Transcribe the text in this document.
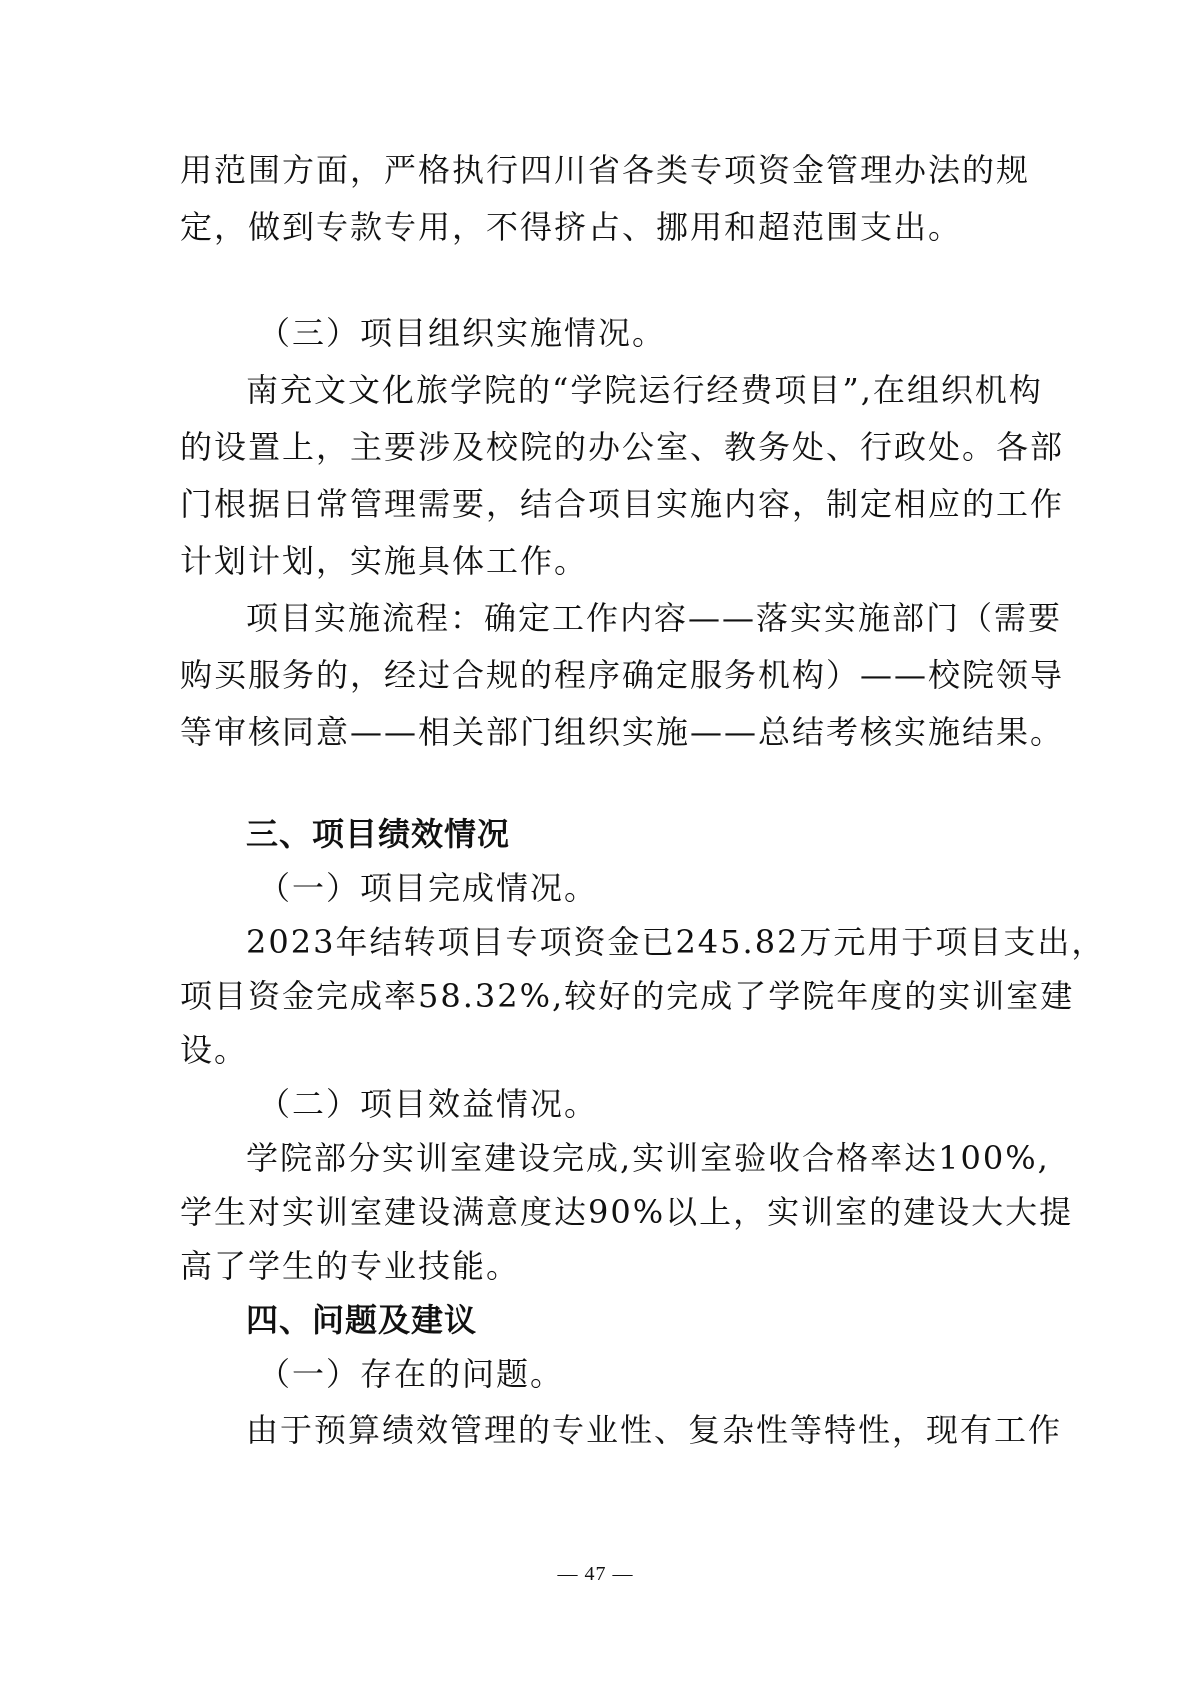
用范围方面，严格执行四川省各类专项资金管理办法的规
定，做到专款专用，不得挤占、挪用和超范围支出。
（三）项目组织实施情况。
南充文文化旅学院的“学院运行经费项目”,在组织机构
的设置上，主要涉及校院的办公室、教务处、行政处。各部
门根据日常管理需要，结合项目实施内容，制定相应的工作
计划计划，实施具体工作。
项目实施流程：确定工作内容——落实实施部门（需要
购买服务的，经过合规的程序确定服务机构）——校院领导
等审核同意——相关部门组织实施——总结考核实施结果。
三、项目绩效情况
（一）项目完成情况。
2023年结转项目专项资金已245.82万元用于项目支出，
项目资金完成率58.32%,较好的完成了学院年度的实训室建
设。
（二）项目效益情况。
学院部分实训室建设完成,实训室验收合格率达100%,
学生对实训室建设满意度达90%以上，实训室的建设大大提
高了学生的专业技能。
四、问题及建议
（一）存在的问题。
由于预算绩效管理的专业性、复杂性等特性，现有工作
— 47 —
